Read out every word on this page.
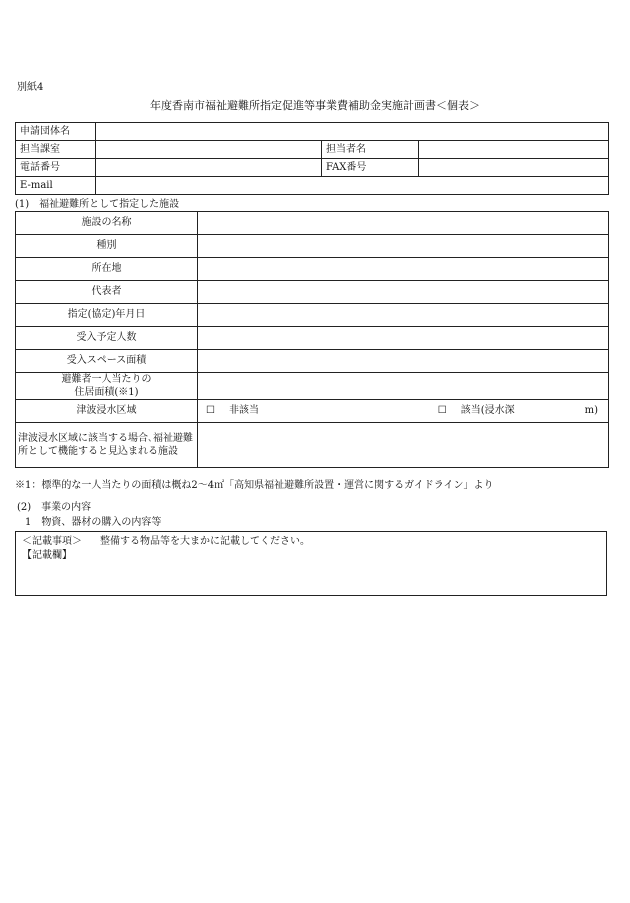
別紙4
年度香南市福祉避難所指定促進等事業費補助金実施計画書＜個表＞
申請団体名			
担当課室		担当者名	
電話番号		FAX番号	
E-mail			
(1)　福祉避難所として指定した施設
施設の名称	
種別	
所在地	
代表者	
指定(協定)年月日	
受入予定人数	
受入スペース面積	

避難者一人当たりの
住居面積(※1)	

津波浸水区域	☐ 非該当 ☐ 該当(浸水深 m)

津波浸水区域に該当する場合､福祉避難所として機能すると見込まれる施設	
※1：標準的な一人当たりの面積は概ね2～4㎡「高知県福祉避難所設置・運営に関するガイドライン」より
(2)　事業の内容
1　物資、器材の購入の内容等
＜記載事項＞ 整備する物品等を大まかに記載してください。
【記載欄】
